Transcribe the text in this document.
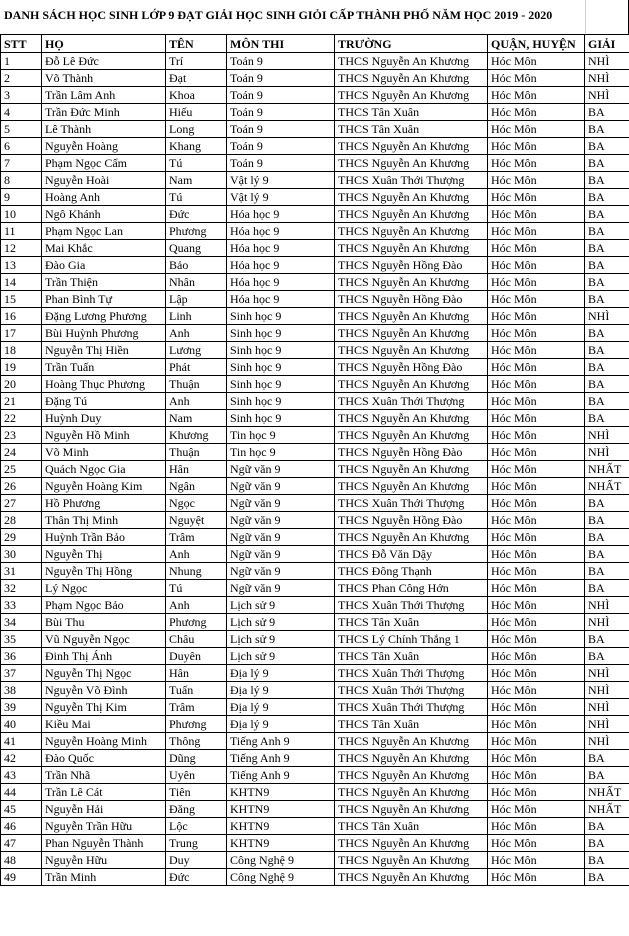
DANH SÁCH HỌC SINH LỚP 9 ĐẠT GIẢI HỌC SINH GIỎI CẤP THÀNH PHỐ NĂM HỌC 2019 - 2020
STT	HỌ	TÊN	MÔN THI	TRƯỜNG	QUẬN, HUYỆN	GIẢI
1	Đỗ Lê Đức	Trí	Toán 9	THCS Nguyễn An Khương	Hóc Môn	NHÌ
2	Võ Thành	Đạt	Toán 9	THCS Nguyễn An Khương	Hóc Môn	NHÌ
3	Trần Lâm Anh	Khoa	Toán 9	THCS Nguyễn An Khương	Hóc Môn	NHÌ
4	Trần Đức Minh	Hiếu	Toán 9	THCS Tân Xuân	Hóc Môn	BA
5	Lê Thành	Long	Toán 9	THCS Tân Xuân	Hóc Môn	BA
6	Nguyễn Hoàng	Khang	Toán 9	THCS Nguyễn An Khương	Hóc Môn	BA
7	Phạm Ngọc Cẩm	Tú	Toán 9	THCS Nguyễn An Khương	Hóc Môn	BA
8	Nguyễn Hoài	Nam	Vật lý 9	THCS Xuân Thới Thượng	Hóc Môn	BA
9	Hoàng Anh	Tú	Vật lý 9	THCS Nguyễn An Khương	Hóc Môn	BA
10	Ngô Khánh	Đức	Hóa học 9	THCS Nguyễn An Khương	Hóc Môn	BA
11	Phạm Ngọc Lan	Phương	Hóa học 9	THCS Nguyễn An Khương	Hóc Môn	BA
12	Mai Khắc	Quang	Hóa học 9	THCS Nguyễn An Khương	Hóc Môn	BA
13	Đào Gia	Bảo	Hóa học 9	THCS Nguyễn Hồng Đào	Hóc Môn	BA
14	Trần Thiện	Nhân	Hóa học 9	THCS Nguyễn An Khương	Hóc Môn	BA
15	Phan Bình Tự	Lập	Hóa học 9	THCS Nguyễn Hồng Đào	Hóc Môn	BA
16	Đặng Lương Phương	Linh	Sinh học 9	THCS Nguyễn An Khương	Hóc Môn	NHÌ
17	Bùi Huỳnh Phương	Anh	Sinh học 9	THCS Nguyễn An Khương	Hóc Môn	BA
18	Nguyễn Thị Hiền	Lương	Sinh học 9	THCS Nguyễn An Khương	Hóc Môn	BA
19	Trần Tuấn	Phát	Sinh học 9	THCS Nguyễn Hồng Đào	Hóc Môn	BA
20	Hoàng Thục Phương	Thuận	Sinh học 9	THCS Nguyễn An Khương	Hóc Môn	BA
21	Đặng Tú	Anh	Sinh học 9	THCS Xuân Thới Thượng	Hóc Môn	BA
22	Huỳnh Duy	Nam	Sinh học 9	THCS Nguyễn An Khương	Hóc Môn	BA
23	Nguyễn Hồ Minh	Khương	Tin học 9	THCS Nguyễn An Khương	Hóc Môn	NHÌ
24	Võ Minh	Thuận	Tin học 9	THCS Nguyễn Hồng Đào	Hóc Môn	NHÌ
25	Quách Ngọc Gia	Hân	Ngữ văn 9	THCS Nguyễn An Khương	Hóc Môn	NHẤT
26	Nguyễn Hoàng Kim	Ngân	Ngữ văn 9	THCS Nguyễn An Khương	Hóc Môn	NHẤT
27	Hồ Phương	Ngọc	Ngữ văn 9	THCS Xuân Thới Thượng	Hóc Môn	BA
28	Thân Thị Minh	Nguyệt	Ngữ văn 9	THCS Nguyễn Hồng Đào	Hóc Môn	BA
29	Huỳnh Trần Bảo	Trâm	Ngữ văn 9	THCS Nguyễn An Khương	Hóc Môn	BA
30	Nguyễn Thị	Anh	Ngữ văn 9	THCS Đỗ Văn Dậy	Hóc Môn	BA
31	Nguyễn Thị Hồng	Nhung	Ngữ văn 9	THCS Đông Thạnh	Hóc Môn	BA
32	Lý Ngọc	Tú	Ngữ văn 9	THCS Phan Công Hớn	Hóc Môn	BA
33	Phạm Ngọc Bảo	Anh	Lịch sử 9	THCS Xuân Thới Thượng	Hóc Môn	NHÌ
34	Bùi Thu	Phương	Lịch sử 9	THCS Tân Xuân	Hóc Môn	NHÌ
35	Vũ Nguyễn Ngọc	Châu	Lịch sử 9	THCS Lý Chính Thắng 1	Hóc Môn	BA
36	Đinh Thị Ánh	Duyên	Lịch sử 9	THCS Tân Xuân	Hóc Môn	BA
37	Nguyễn Thị Ngọc	Hân	Địa lý 9	THCS Xuân Thới Thượng	Hóc Môn	NHÌ
38	Nguyễn Võ Đình	Tuấn	Địa lý 9	THCS Xuân Thới Thượng	Hóc Môn	NHÌ
39	Nguyễn Thị Kim	Trâm	Địa lý 9	THCS Xuân Thới Thượng	Hóc Môn	NHÌ
40	Kiều Mai	Phương	Địa lý 9	THCS Tân Xuân	Hóc Môn	NHÌ
41	Nguyễn Hoàng Minh	Thông	Tiếng Anh 9	THCS Nguyễn An Khương	Hóc Môn	NHÌ
42	Đào Quốc	Dũng	Tiếng Anh 9	THCS Nguyễn An Khương	Hóc Môn	BA
43	Trần Nhã	Uyên	Tiếng Anh 9	THCS Nguyễn An Khương	Hóc Môn	BA
44	Trần Lê Cát	Tiên	KHTN9	THCS Nguyễn An Khương	Hóc Môn	NHẤT
45	Nguyễn Hải	Đăng	KHTN9	THCS Nguyễn An Khương	Hóc Môn	NHẤT
46	Nguyễn Trần Hữu	Lộc	KHTN9	THCS Tân Xuân	Hóc Môn	BA
47	Phan Nguyễn Thành	Trung	KHTN9	THCS Nguyễn An Khương	Hóc Môn	BA
48	Nguyễn Hữu	Duy	Công Nghệ 9	THCS Nguyễn An Khương	Hóc Môn	BA
49	Trần Minh	Đức	Công Nghệ 9	THCS Nguyễn An Khương	Hóc Môn	BA
